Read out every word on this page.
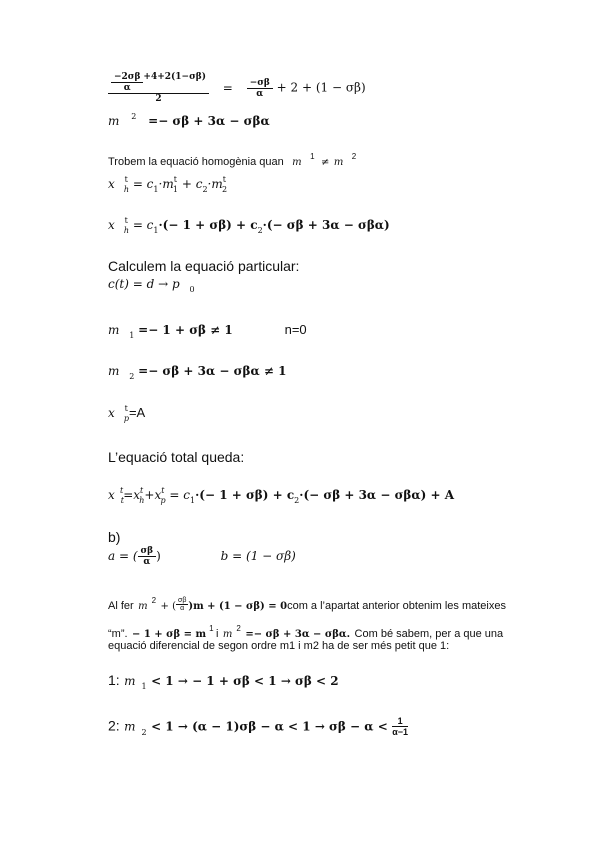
$\frac{\frac{-2\sigma\beta}{\alpha} +4+2(1-\sigma\beta)}{2} = \frac{-\sigma\beta}{\alpha} + 2 + (1 - \sigma\beta)$
m $^2$ =− σβ + 3α − σβα
Trobem la equació homogènia quan m $^1$ ≠ m $^2$
x $^t_h = c_1\cdot m^t_1 + c_2\cdot m^t_2$
x $^t_h = c_1\cdot(- 1 + \sigma\beta) + c_2\cdot(- \sigma\beta + 3\alpha - \sigma\beta\alpha)$
Calculem la equació particular:
c(t) = d → p $_0$
m $_1$ =− 1 + σβ ≠ 1	n=0
m $_2$ =− σβ + 3α − σβα ≠ 1
x $^t_p$=A
L’equació total queda:
x $_t^t=x^t_h+x^t_p = c_1\cdot(- 1 + \sigma\beta) + c_2\cdot(- \sigma\beta + 3\alpha - \sigma\beta\alpha) + A$
b)
a = ( $\frac{\sigma\beta}{\alpha}$ )	b = (1 − σβ)
Al fer $m^2$ + ( $\frac{\sigma\beta}{\alpha} )m + (1 - \sigma\beta) = 0com$ a l’apartat anterior obtenim les mateixes
“m”. − $1 + \sigma\beta = m^1$ i $m^2 =- \sigma\beta + 3\alpha - \sigma\beta\alpha$. Com bé sabem, per a que una
equació diferencial de segon ordre m1 i m2 ha de ser més petit que 1:
1: m $_1$ < 1 → − 1 + σβ < 1 → σβ < 2
2: m $_2 < 1 \to (\alpha - 1)\sigma\beta - \alpha < 1 \to \sigma\beta - \alpha < \frac{1}{\alpha-1}$
